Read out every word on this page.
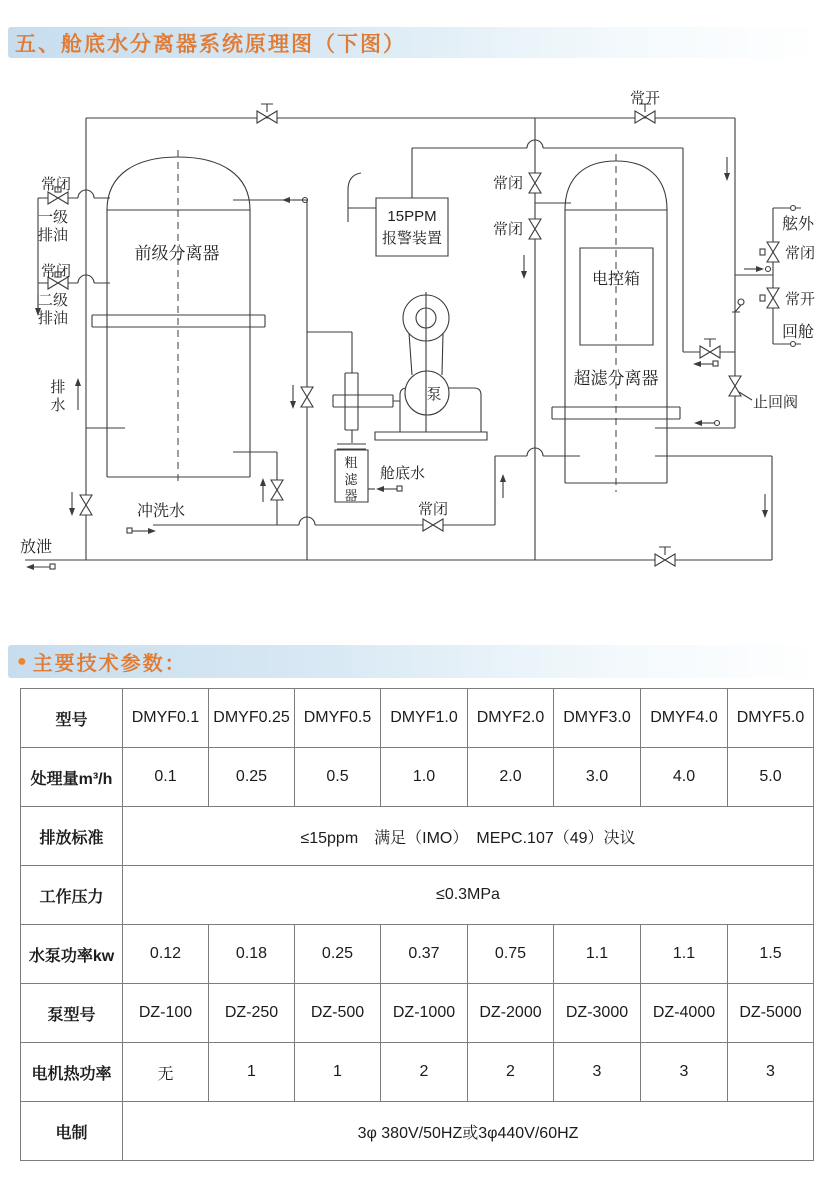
五、舱底水分离器系统原理图（下图）
前级分离器
超滤分离器
电控箱
15PPM
报警装置
泵
粗
滤
器
舱底水
冲洗水
排
水
放泄
常闭
一级
排油
常闭
二级
排油
常闭
常闭
常开
常闭
舷外
常闭
常开
回舱
止回阀
● 主要技术参数：
型号	DMYF0.1	DMYF0.25	DMYF0.5	DMYF1.0	DMYF2.0	DMYF3.0	DMYF4.0	DMYF5.0
处理量m³/h	0.1	0.25	0.5	1.0	2.0	3.0	4.0	5.0
排放标准	≤15ppm　满足（IMO）　MEPC.107（49）决议							
工作压力	≤0.3MPa							
水泵功率kw	0.12	0.18	0.25	0.37	0.75	1.1	1.1	1.5
泵型号	DZ-100	DZ-250	DZ-500	DZ-1000	DZ-2000	DZ-3000	DZ-4000	DZ-5000
电机热功率	无	1	1	2	2	3	3	3
电制	3φ 380V/50HZ或3φ440V/60HZ							
